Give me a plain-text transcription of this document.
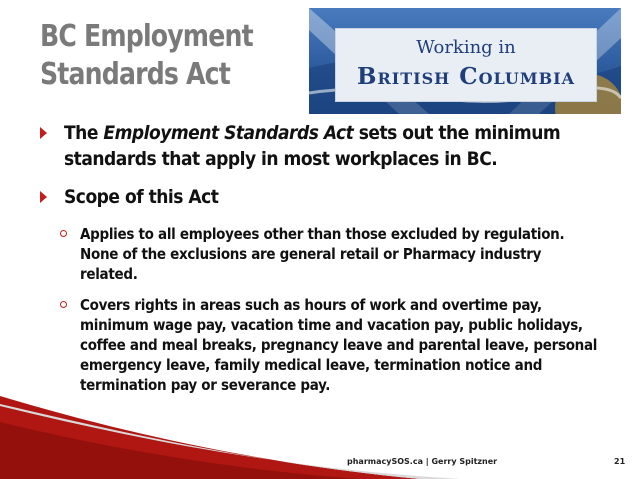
BC Employment
Standards Act
Working in
British Columbia
The Employment Standards Act sets out the minimum standards that apply in most workplaces in BC.
Scope of this Act
Applies to all employees other than those excluded by regulation. None of the exclusions are general retail or Pharmacy industry related.
Covers rights in areas such as hours of work and overtime pay, minimum wage pay, vacation time and vacation pay, public holidays, coffee and meal breaks, pregnancy leave and parental leave, personal emergency leave, family medical leave, termination notice and termination pay or severance pay.
pharmacySOS.ca | Gerry Spitzner	21
